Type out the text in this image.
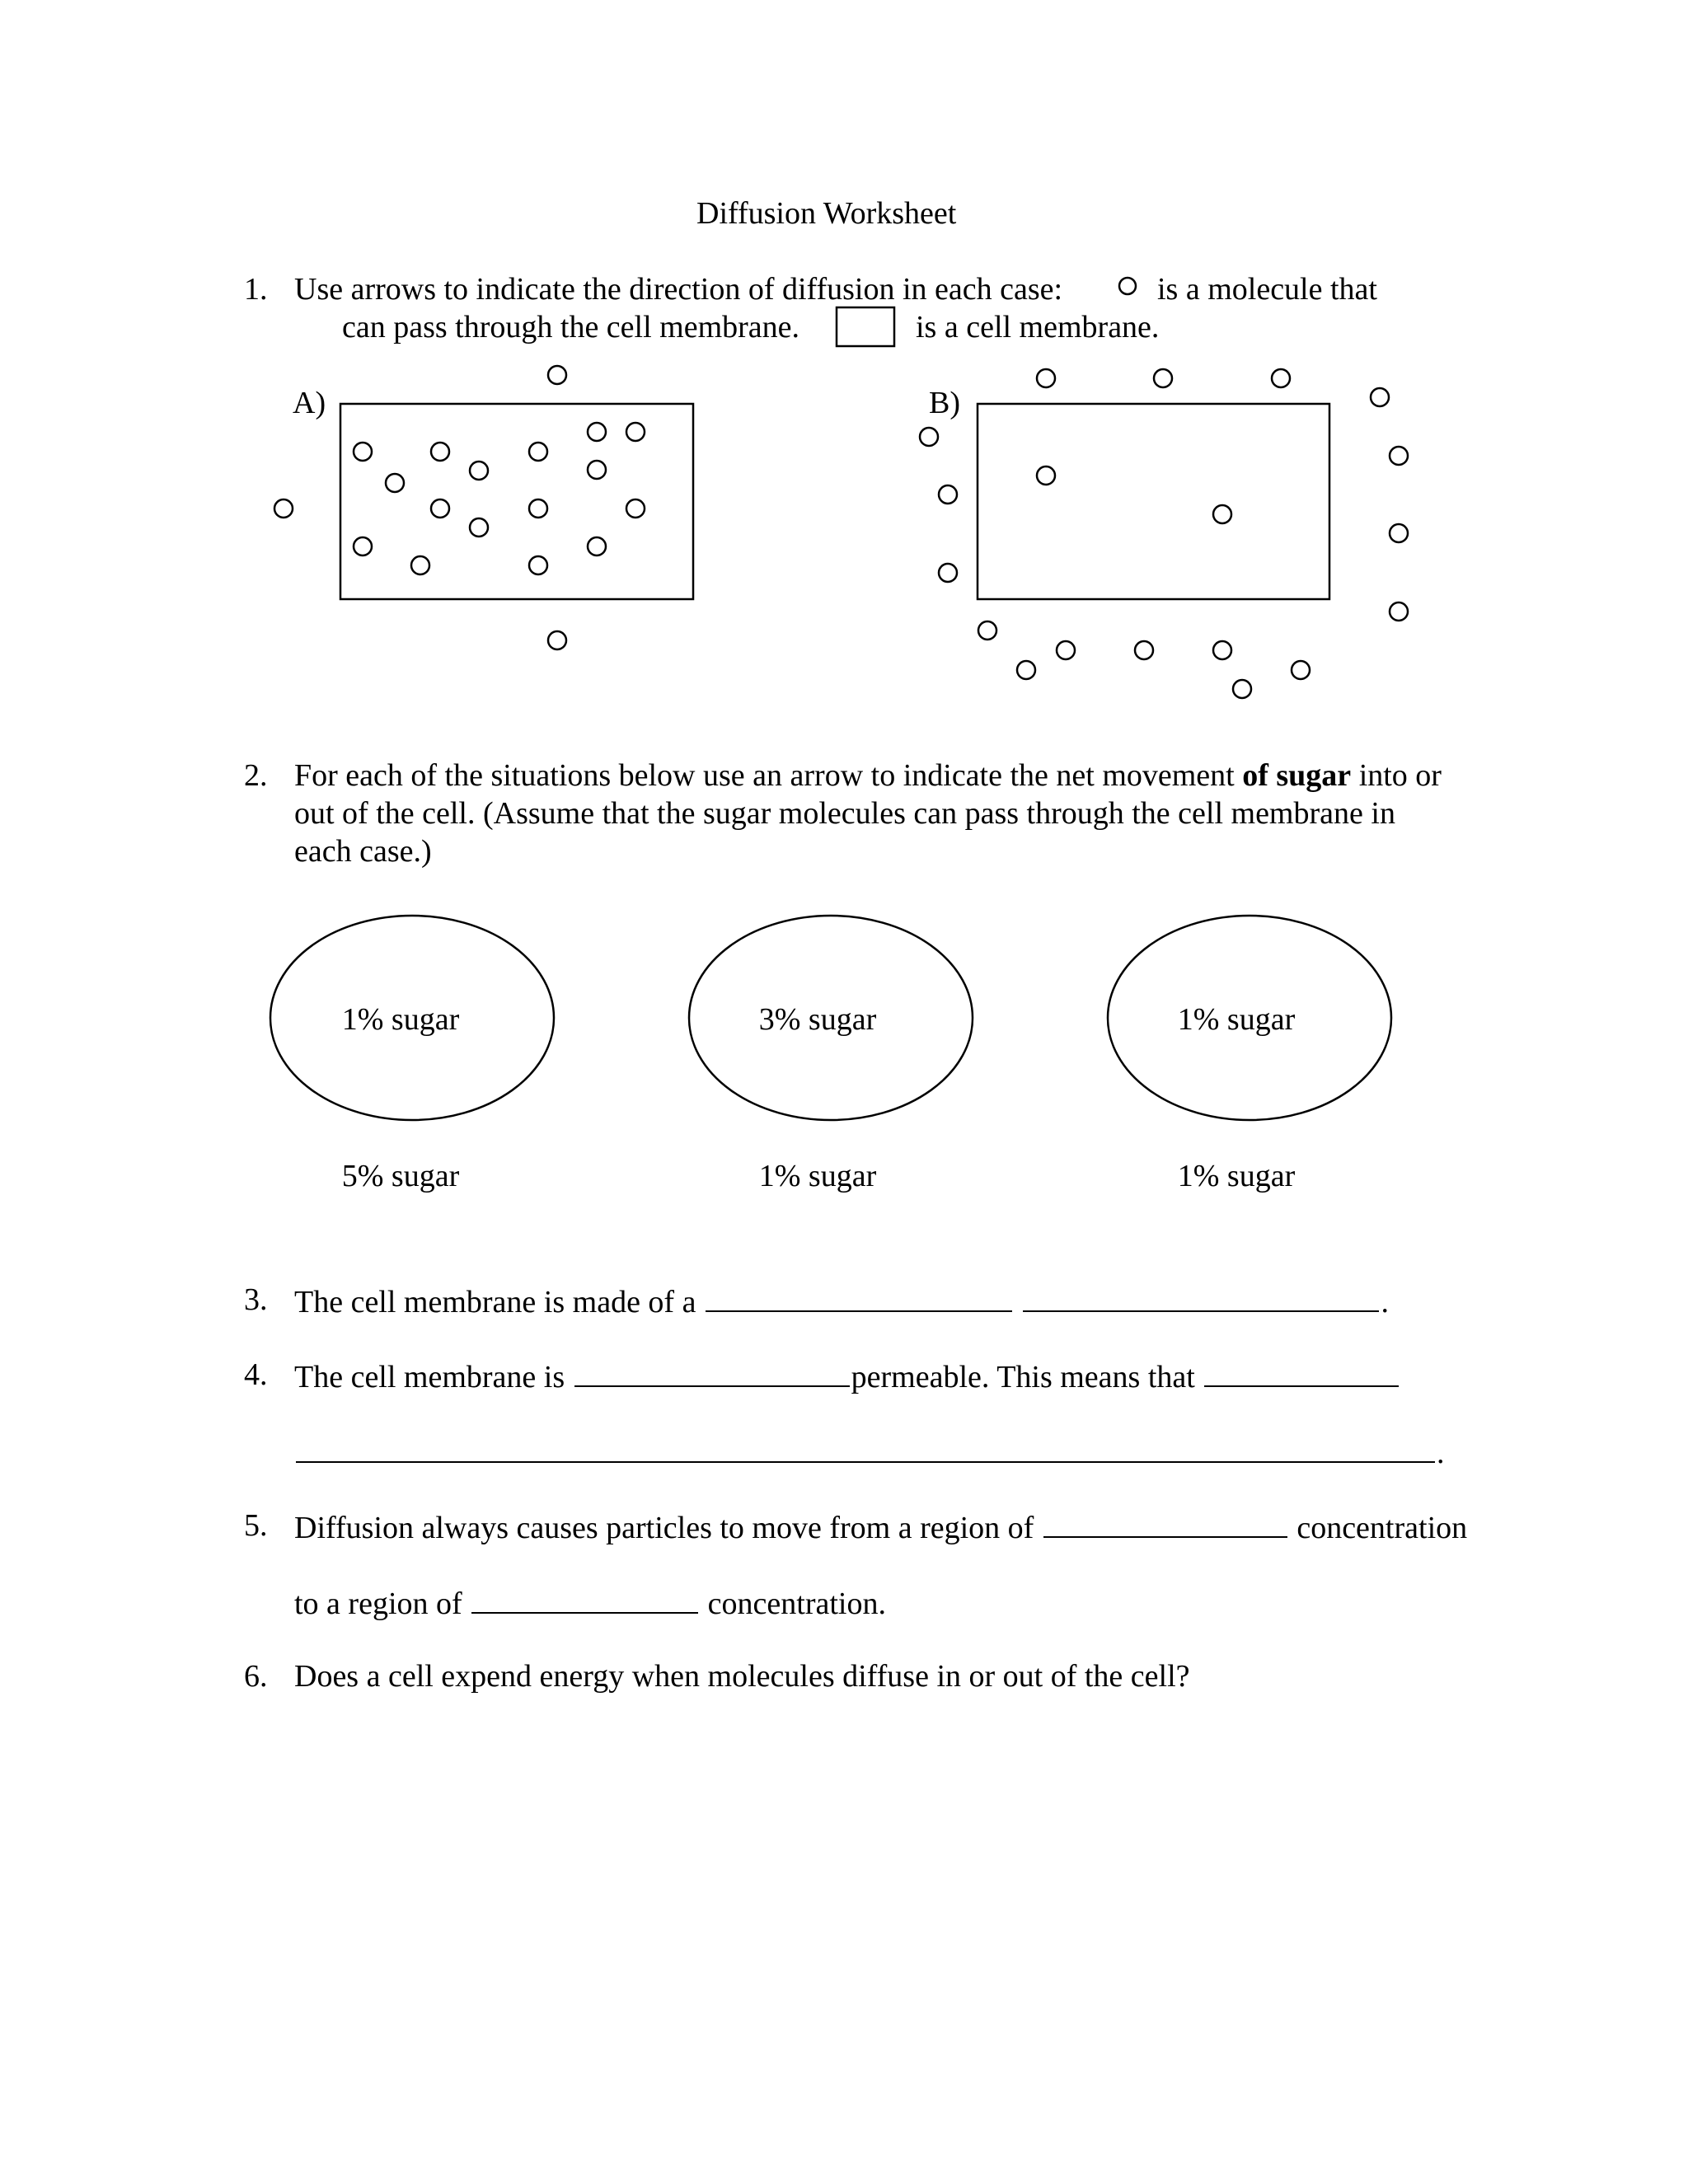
Diffusion Worksheet
1. Use arrows to indicate the direction of diffusion in each case:	is a molecule that
can pass through the cell membrane.	is a cell membrane.
A)	B)
2. For each of the situations below use an arrow to indicate the net movement of sugar into or
out of the cell. (Assume that the sugar molecules can pass through the cell membrane in
each case.)
1% sugar	3% sugar	1% sugar
5% sugar	1% sugar	1% sugar
3. The cell membrane is made of a	.
4. The cell membrane is	permeable. This means that
.
5. Diffusion always causes particles to move from a region of	concentration
to a region of	concentration.
6. Does a cell expend energy when molecules diffuse in or out of the cell?
